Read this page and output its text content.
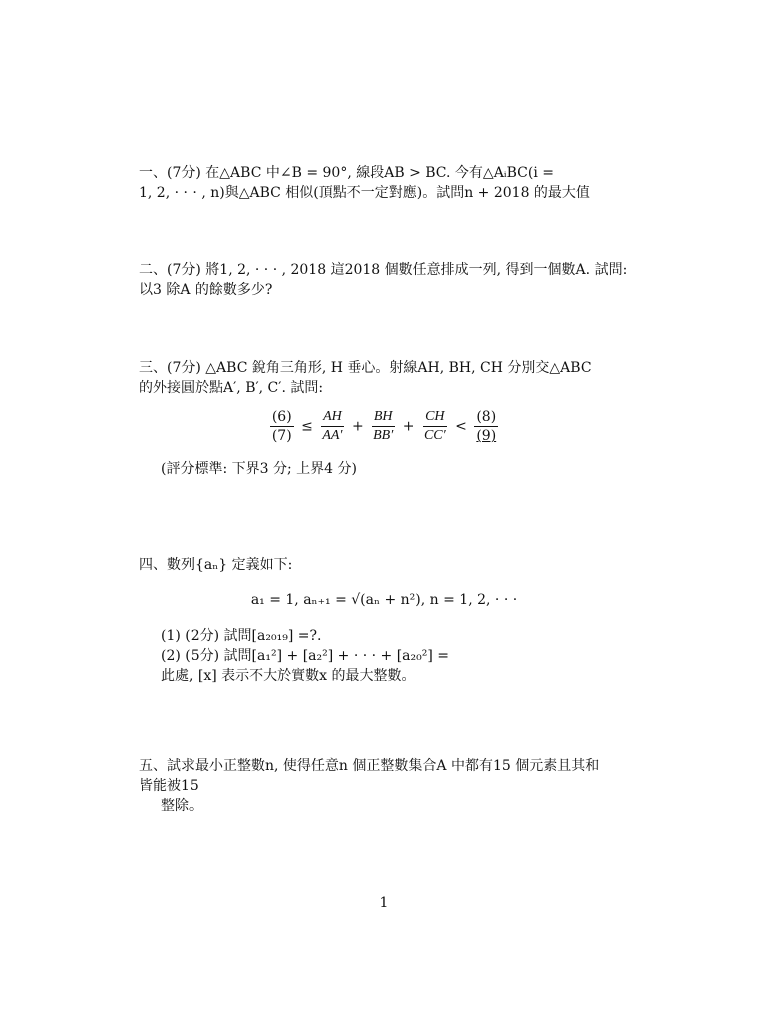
一、(7分) 在△ABC 中∠B = 90°, 線段AB > BC. 今有△AᵢBC(i =
1, 2, · · · , n)與△ABC 相似(頂點不一定對應)。試問n + 2018 的最大值
二、(7分) 將1, 2, · · · , 2018 這2018 個數任意排成一列, 得到一個數A. 試問:
以3 除A 的餘數多少?
三、(7分) △ABC 銳角三角形, H 垂心。射線AH, BH, CH 分別交△ABC
的外接圓於點A′, B′, C′. 試問:
$\frac{(6)}{(7)} \le \frac{AH}{AA'} + \frac{BH}{BB'} + \frac{CH}{CC'} < \frac{(8)}{(9)}$
(評分標準: 下界3 分; 上界4 分)
四、數列{aₙ} 定義如下:
a₁ = 1, aₙ₊₁ = √(aₙ + n²), n = 1, 2, · · ·
(1) (2分) 試問[a₂₀₁₉] =?.
(2) (5分) 試問[a₁²] + [a₂²] + · · · + [a₂₀²] =
此處, [x] 表示不大於實數x 的最大整數。
五、試求最小正整數n, 使得任意n 個正整數集合A 中都有15 個元素且其和
皆能被15
整除。
1
